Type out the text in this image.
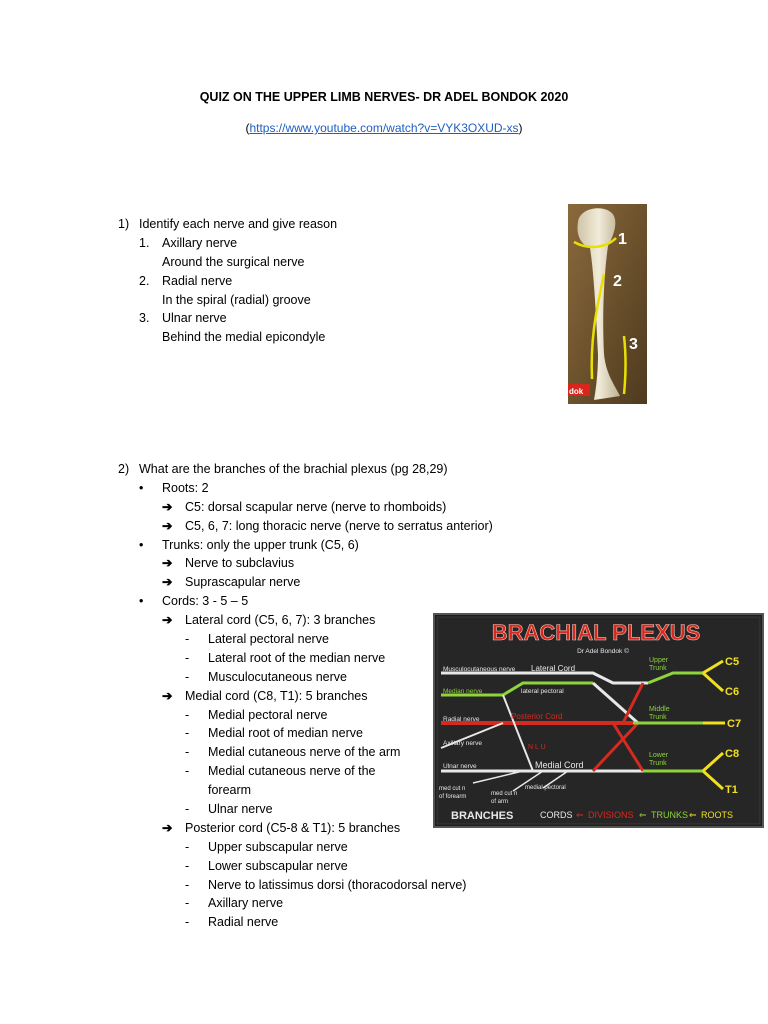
QUIZ ON THE UPPER LIMB NERVES- DR ADEL BONDOK 2020
(https://www.youtube.com/watch?v=VYK3OXUD-xs)
1) Identify each nerve and give reason
1. Axillary nerve
Around the surgical nerve
2. Radial nerve
In the spiral (radial) groove
3. Ulnar nerve
Behind the medial epicondyle
1
2
3
dok
2) What are the branches of the brachial plexus (pg 28,29)
• Roots: 2
➔ C5: dorsal scapular nerve (nerve to rhomboids)
➔ C5, 6, 7: long thoracic nerve (nerve to serratus anterior)
• Trunks: only the upper trunk (C5, 6)
➔ Nerve to subclavius
➔ Suprascapular nerve
• Cords: 3 - 5 – 5
➔ Lateral cord (C5, 6, 7): 3 branches
- Lateral pectoral nerve
- Lateral root of the median nerve
- Musculocutaneous nerve
➔ Medial cord (C8, T1): 5 branches
- Medial pectoral nerve
- Medial root of median nerve
- Medial cutaneous nerve of the arm
- Medial cutaneous nerve of the
forearm
- Ulnar nerve
➔ Posterior cord (C5-8 & T1): 5 branches
- Upper subscapular nerve
- Lower subscapular nerve
- Nerve to latissimus dorsi (thoracodorsal nerve)
- Axillary nerve
- Radial nerve
BRACHIAL PLEXUS
Dr Adel Bondok ©
Musculocutaneous nerve Lateral Cord
lateral pectoral
Median nerve
Radial nerve	Posterior Cord
Axillary nerve
N L U
Ulnar nerve	Medial Cord
med cut n
of forearm	med cut n
of arm
medial pectoral
Upper
Trunk
Middle
Trunk
Lower
Trunk
C5
C6
C7
C8
T1
BRANCHES	CORDS ⇐ DIVISIONS ⇐ TRUNKS ⇐ ROOTS
